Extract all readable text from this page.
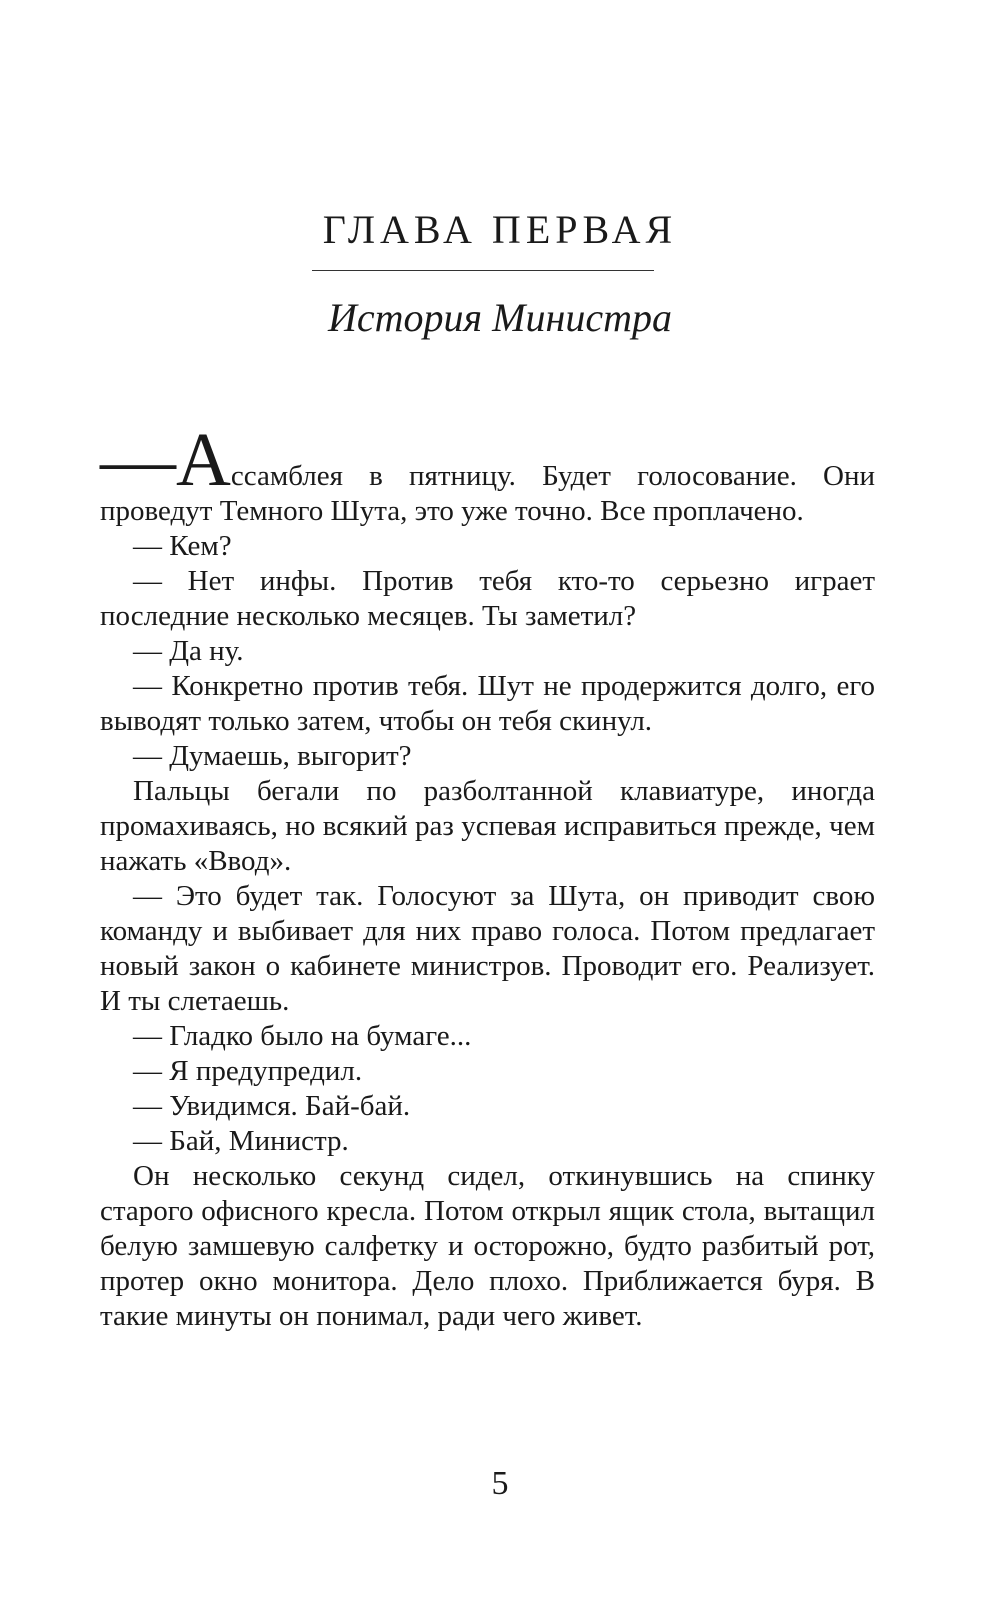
ГЛАВА ПЕРВАЯ
История Министра

—Ассамблея в пятницу. Будет голосование. Они проведут Темного Шута, это уже точно. Все проплачено.

— Кем?

— Нет инфы. Против тебя кто-то серьезно играет последние несколько месяцев. Ты заметил?

— Да ну.

— Конкретно против тебя. Шут не продержится долго, его выводят только затем, чтобы он тебя скинул.

— Думаешь, выгорит?

Пальцы бегали по разболтанной клавиатуре, иногда промахиваясь, но всякий раз успевая исправиться прежде, чем нажать «Ввод».

— Это будет так. Голосуют за Шута, он приводит свою команду и выбивает для них право голоса. Потом предлагает новый закон о кабинете министров. Проводит его. Реализует. И ты слетаешь.

— Гладко было на бумаге...

— Я предупредил.

— Увидимся. Бай-бай.

— Бай, Министр.

Он несколько секунд сидел, откинувшись на спинку старого офисного кресла. Потом открыл ящик стола, вытащил белую замшевую салфетку и осторожно, будто разбитый рот, протер окно монитора. Дело плохо. Приближается буря. В такие минуты он понимал, ради чего живет.

5
